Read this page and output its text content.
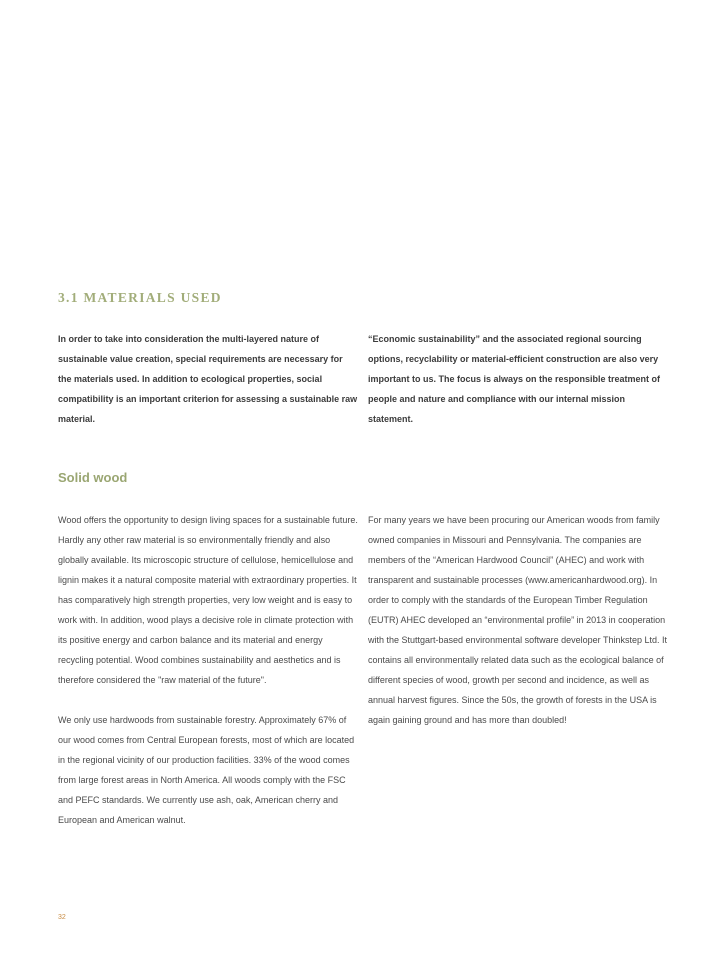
3.1 MATERIALS USED

In order to take into consideration the multi-layered nature of sustainable value creation, special requirements are necessary for the materials used. In addition to ecological properties, social compatibility is an important criterion for assessing a sustainable raw material.

“Economic sustainability” and the associated regional sourcing options, recyclability or material-efficient construction are also very important to us. The focus is always on the responsible treatment of people and nature and compliance with our internal mission statement.

Solid wood

Wood offers the opportunity to design living spaces for a sustainable future. Hardly any other raw material is so environmentally friendly and also globally available. Its microscopic structure of cellulose, hemicellulose and lignin makes it a natural composite material with extraordinary properties. It has comparatively high strength properties, very low weight and is easy to work with. In addition, wood plays a decisive role in climate protection with its positive energy and carbon balance and its material and energy recycling potential. Wood combines sustainability and aesthetics and is therefore considered the "raw material of the future".

We only use hardwoods from sustainable forestry. Approximately 67% of our wood comes from Central European forests, most of which are located in the regional vicinity of our production facilities. 33% of the wood comes from large forest areas in North America. All woods comply with the FSC and PEFC standards. We currently use ash, oak, American cherry and European and American walnut.

For many years we have been procuring our American woods from family owned companies in Missouri and Pennsylvania. The companies are members of the “American Hardwood Council” (AHEC) and work with transparent and sustainable processes (www.americanhardwood.org). In order to comply with the standards of the European Timber Regulation (EUTR) AHEC developed an “environmental profile” in 2013 in cooperation with the Stuttgart-based environmental software developer Thinkstep Ltd. It contains all environmentally related data such as the ecological balance of different species of wood, growth per second and incidence, as well as annual harvest figures. Since the 50s, the growth of forests in the USA is again gaining ground and has more than doubled!

32
